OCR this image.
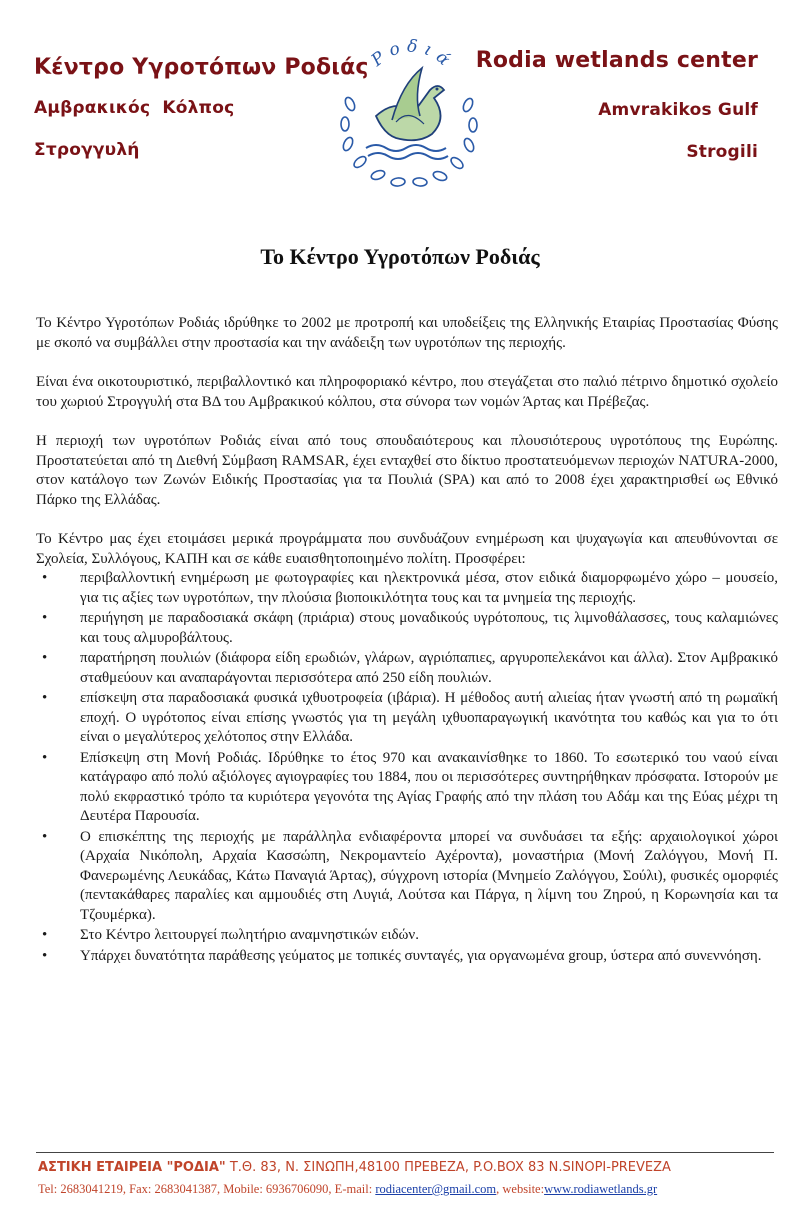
Κέντρο Υγροτόπων Ροδιάς
Αμβρακικός Κόλπος
Στρογγυλή
Ροδιά Rodia wetlands center
Amvrakikos Gulf
Strogili
Το Κέντρο Υγροτόπων Ροδιάς

Το Κέντρο Υγροτόπων Ροδιάς ιδρύθηκε το 2002 με προτροπή και υποδείξεις της Ελληνικής Εταιρίας Προστασίας Φύσης με σκοπό να συμβάλλει στην προστασία και την ανάδειξη των υγροτόπων της περιοχής.

Είναι ένα οικοτουριστικό, περιβαλλοντικό και πληροφοριακό κέντρο, που στεγάζεται στο παλιό πέτρινο δημοτικό σχολείο του χωριού Στρογγυλή στα ΒΔ του Αμβρακικού κόλπου, στα σύνορα των νομών Άρτας και Πρέβεζας.

Η περιοχή των υγροτόπων Ροδιάς είναι από τους σπουδαιότερους και πλουσιότερους υγροτόπους της Ευρώπης. Προστατεύεται από τη Διεθνή Σύμβαση RAMSAR, έχει ενταχθεί στο δίκτυο προστατευόμενων περιοχών NATURA-2000, στον κατάλογο των Ζωνών Ειδικής Προστασίας για τα Πουλιά (SPA) και από το 2008 έχει χαρακτηρισθεί ως Εθνικό Πάρκο της Ελλάδας.

Το Κέντρο μας έχει ετοιμάσει μερικά προγράμματα που συνδυάζουν ενημέρωση και ψυχαγωγία και απευθύνονται σε Σχολεία, Συλλόγους, ΚΑΠΗ και σε κάθε ευαισθητοποιημένο πολίτη. Προσφέρει:

• περιβαλλοντική ενημέρωση με φωτογραφίες και ηλεκτρονικά μέσα, στον ειδικά διαμορφωμένο χώρο – μουσείο, για τις αξίες των υγροτόπων, την πλούσια βιοποικιλότητα τους και τα μνημεία της περιοχής.
• περιήγηση με παραδοσιακά σκάφη (πριάρια) στους μοναδικούς υγρότοπους, τις λιμνοθάλασσες, τους καλαμιώνες και τους αλμυροβάλτους.
• παρατήρηση πουλιών (διάφορα είδη ερωδιών, γλάρων, αγριόπαπιες, αργυροπελεκάνοι και άλλα). Στον Αμβρακικό σταθμεύουν και αναπαράγονται περισσότερα από 250 είδη πουλιών.
• επίσκεψη στα παραδοσιακά φυσικά ιχθυοτροφεία (ιβάρια). Η μέθοδος αυτή αλιείας ήταν γνωστή από τη ρωμαϊκή εποχή. Ο υγρότοπος είναι επίσης γνωστός για τη μεγάλη ιχθυοπαραγωγική ικανότητα του καθώς και για το ότι είναι ο μεγαλύτερος χελότοπος στην Ελλάδα.
• Επίσκεψη στη Μονή Ροδιάς. Ιδρύθηκε το έτος 970 και ανακαινίσθηκε το 1860. Το εσωτερικό του ναού είναι κατάγραφο από πολύ αξιόλογες αγιογραφίες του 1884, που οι περισσότερες συντηρήθηκαν πρόσφατα. Ιστορούν με πολύ εκφραστικό τρόπο τα κυριότερα γεγονότα της Αγίας Γραφής από την πλάση του Αδάμ και της Εύας μέχρι τη Δευτέρα Παρουσία.
• Ο επισκέπτης της περιοχής με παράλληλα ενδιαφέροντα μπορεί να συνδυάσει τα εξής: αρχαιολογικοί χώροι (Αρχαία Νικόπολη, Αρχαία Κασσώπη, Νεκρομαντείο Αχέροντα), μοναστήρια (Μονή Ζαλόγγου, Μονή Π. Φανερωμένης Λευκάδας, Κάτω Παναγιά Άρτας), σύγχρονη ιστορία (Μνημείο Ζαλόγγου, Σούλι), φυσικές ομορφιές (πεντακάθαρες παραλίες και αμμουδιές στη Λυγιά, Λούτσα και Πάργα, η λίμνη του Ζηρού, η Κορωνησία και τα Τζουμέρκα).
• Στο Κέντρο λειτουργεί πωλητήριο αναμνηστικών ειδών.
• Υπάρχει δυνατότητα παράθεσης γεύματος με τοπικές συνταγές, για οργανωμένα group, ύστερα από συνεννόηση.
ΑΣΤΙΚΗ ΕΤΑΙΡΕΙΑ "ΡΟΔΙΑ" Τ.Θ. 83, Ν. ΣΙΝΩΠΗ,48100 ΠΡΕΒΕΖΑ, P.O.BOX 83 N.SINOPI-PREVEZA
Tel: 2683041219, Fax: 2683041387, Mobile: 6936706090, E-mail: rodiacenter@gmail.com, website:www.rodiawetlands.gr
